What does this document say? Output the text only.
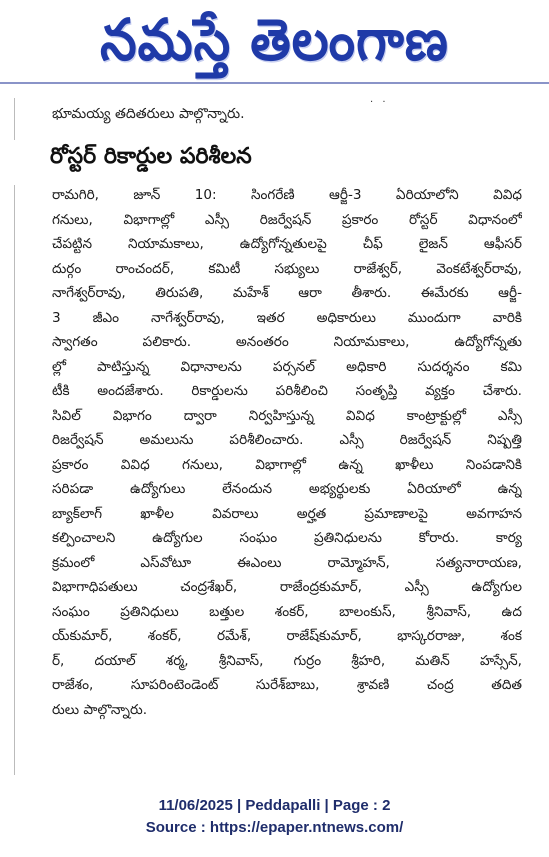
నమస్తే తెలంగాణ
· ·
భూమయ్య తదితరులు పాల్గొన్నారు.
రోస్టర్ రికార్డుల పరిశీలన
రామగిరి, జూన్ 10: సింగరేణి ఆర్జీ-3 ఏరియాలోని వివిధ
గనులు, విభాగాల్లో ఎస్సీ రిజర్వేషన్ ప్రకారం రోస్టర్ విధానంలో
చేపట్టిన నియామకాలు, ఉద్యోగోన్నతులపై చీఫ్ లైజన్ ఆఫీసర్
దుర్గం రాంచందర్, కమిటీ సభ్యులు రాజేశ్వర్, వెంకటేశ్వర్‌రావు,
నాగేశ్వర్‌రావు, తిరుపతి, మహేశ్ ఆరా తీశారు. ఈమేరకు ఆర్జీ-
3 జీఎం నాగేశ్వర్‌రావు, ఇతర అధికారులు ముందుగా వారికి
స్వాగతం పలికారు. అనంతరం నియామకాలు, ఉద్యోగోన్నతు
ల్లో పాటిస్తున్న విధానాలను పర్సనల్ అధికారి సుదర్శనం కమి
టీకి అందజేశారు. రికార్డులను పరిశీలించి సంతృప్తి వ్యక్తం చేశారు.
సివిల్ విభాగం ద్వారా నిర్వహిస్తున్న వివిధ కాంట్రాక్టుల్లో ఎస్సీ
రిజర్వేషన్ అమలును పరిశీలించారు. ఎస్సీ రిజర్వేషన్ నిష్పత్తి
ప్రకారం వివిధ గనులు, విభాగాల్లో ఉన్న ఖాళీలు నింపడానికి
సరిపడా ఉద్యోగులు లేనందున అభ్యర్థులకు ఏరియాలో ఉన్న
బ్యాక్‌లాగ్ ఖాళీల వివరాలు అర్హత ప్రమాణాలపై అవగాహన
కల్పించాలని ఉద్యోగుల సంఘం ప్రతినిధులను కోరారు. కార్య
క్రమంలో ఎస్‌వోటూ ఈఎంలు రామ్మోహన్, సత్యనారాయణ,
విభాగాధిపతులు చంద్రశేఖర్, రాజేంద్రకుమార్, ఎస్సీ ఉద్యోగుల
సంఘం ప్రతినిధులు బత్తుల శంకర్, బాలంకుస్, శ్రీనివాస్, ఉద
య్‌కుమార్, శంకర్, రమేశ్, రాజేష్‌కుమార్, భాస్కరరాజు, శంక
ర్, దయాల్ శర్మ, శ్రీనివాస్, గుర్రం శ్రీహరి, మతిన్ హస్సేన్,
రాజేశం, సూపరింటెండెంట్ సురేశ్‌బాబు, శ్రావణి చంద్ర తదిత
రులు పాల్గొన్నారు.
11/06/2025 | Peddapalli | Page : 2
Source : https://epaper.ntnews.com/
